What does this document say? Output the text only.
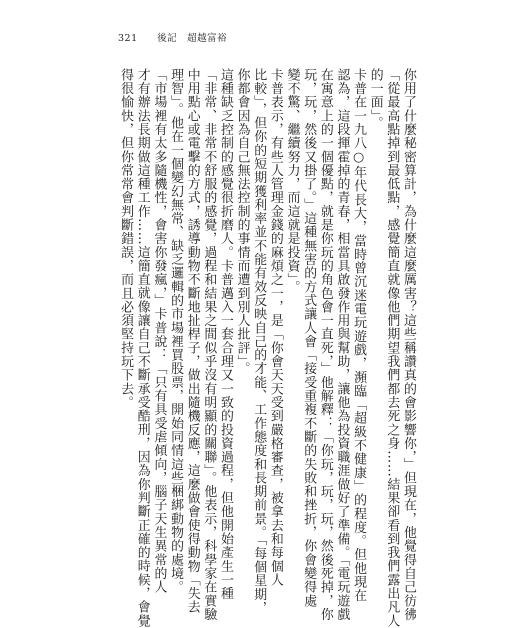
321 後記　超越富裕
你用了什麼秘密算計，為什麼這麼厲害？這些稱讚真的會影響你，」但現在，他覺得自己彷彿
「從最高點掉到最低點，感覺簡直就像他們期望我們都去死之身……結果卻看到我們露出凡人
的一面」。
卡普在一九八○年代長大，當時曾沉迷電玩遊戲，瀕臨「超級不健康」的程度。但他現在
認為，這段揮霍掉的青春，相當具啟發作用與幫助，讓他為投資職涯做好了準備。「電玩遊戲
在寓意上的一個優點，就是你玩的角色會一直死，」他解釋：「你玩，玩，玩，然後死掉，你
玩，玩，然後又掛了。」這種無害的方式讓人會「接受重複不斷的失敗和挫折，你會變得處
變不驚、繼續努力，而這就是投資」。
卡普表示，有些人管理金錢的麻煩之一，是「你會天天受到嚴格審查，被拿去和每個人
比較」，但你的短期獲利率並不能有效反映自己的才能、工作態度和長期前景。「每個星期，
你都會因為自己無法控制的事情而遭到別人批評」。
這種缺乏控制的感覺很折磨人。卡普邁入一套合理又一致的投資過程，但他開始產生一種
「非常、非常不舒服的感覺，過程和結果之間似乎沒有明顯的關聯」。他表示，科學家在實驗
中用點心或電擊的方式，誘導動物不斷地扯桿子，做出隨機反應，這麼做會使得動物「失去
理智」。他在一個變幻無常、缺乏邏輯的市場裡買股票，開始同情這些梱綁動物的處境。
「市場裡有太多隨機性，會害你發瘋，」卡普說：「只有具受虐傾向，腦子天生異常的人
才有辦法長期做這種工作……這簡直就像讓自己不斷承受酷刑，因為你判斷正確的時候，會覺
得很愉快，但你常常會判斷錯誤，而且必須堅持玩下去。
